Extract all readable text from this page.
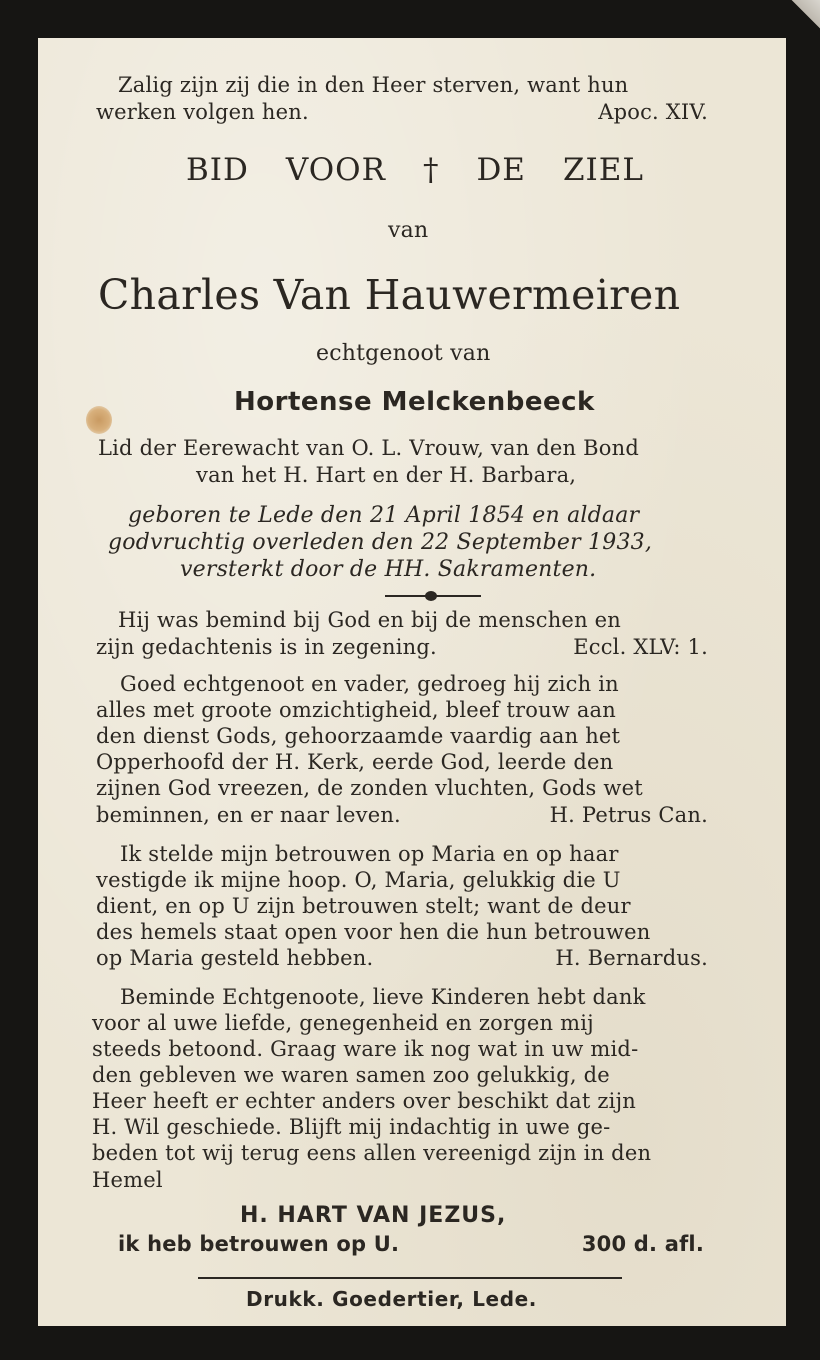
Zalig zijn zij die in den Heer sterven, want hun
werken volgen hen.	Apoc. XIV.
BID VOOR † DE ZIEL
van
Charles Van Hauwermeiren
echtgenoot van
Hortense Melckenbeeck
Lid der Eerewacht van O. L. Vrouw, van den Bond
van het H. Hart en der H. Barbara,
geboren te Lede den 21 April 1854 en aldaar
godvruchtig overleden den 22 September 1933,
versterkt door de HH. Sakramenten.
Hij was bemind bij God en bij de menschen en
zijn gedachtenis is in zegening.	Eccl. XLV: 1.
Goed echtgenoot en vader, gedroeg hij zich in
alles met groote omzichtigheid, bleef trouw aan
den dienst Gods, gehoorzaamde vaardig aan het
Opperhoofd der H. Kerk, eerde God, leerde den
zijnen God vreezen, de zonden vluchten, Gods wet
beminnen, en er naar leven.	H. Petrus Can.
Ik stelde mijn betrouwen op Maria en op haar
vestigde ik mijne hoop. O, Maria, gelukkig die U
dient, en op U zijn betrouwen stelt; want de deur
des hemels staat open voor hen die hun betrouwen
op Maria gesteld hebben.	H. Bernardus.
Beminde Echtgenoote, lieve Kinderen hebt dank
voor al uwe liefde, genegenheid en zorgen mij
steeds betoond. Graag ware ik nog wat in uw mid-
den gebleven we waren samen zoo gelukkig, de
Heer heeft er echter anders over beschikt dat zijn
H. Wil geschiede. Blijft mij indachtig in uwe ge-
beden tot wij terug eens allen vereenigd zijn in den
Hemel
H. HART VAN JEZUS,
ik heb betrouwen op U.	300 d. afl.
Drukk. Goedertier, Lede.
